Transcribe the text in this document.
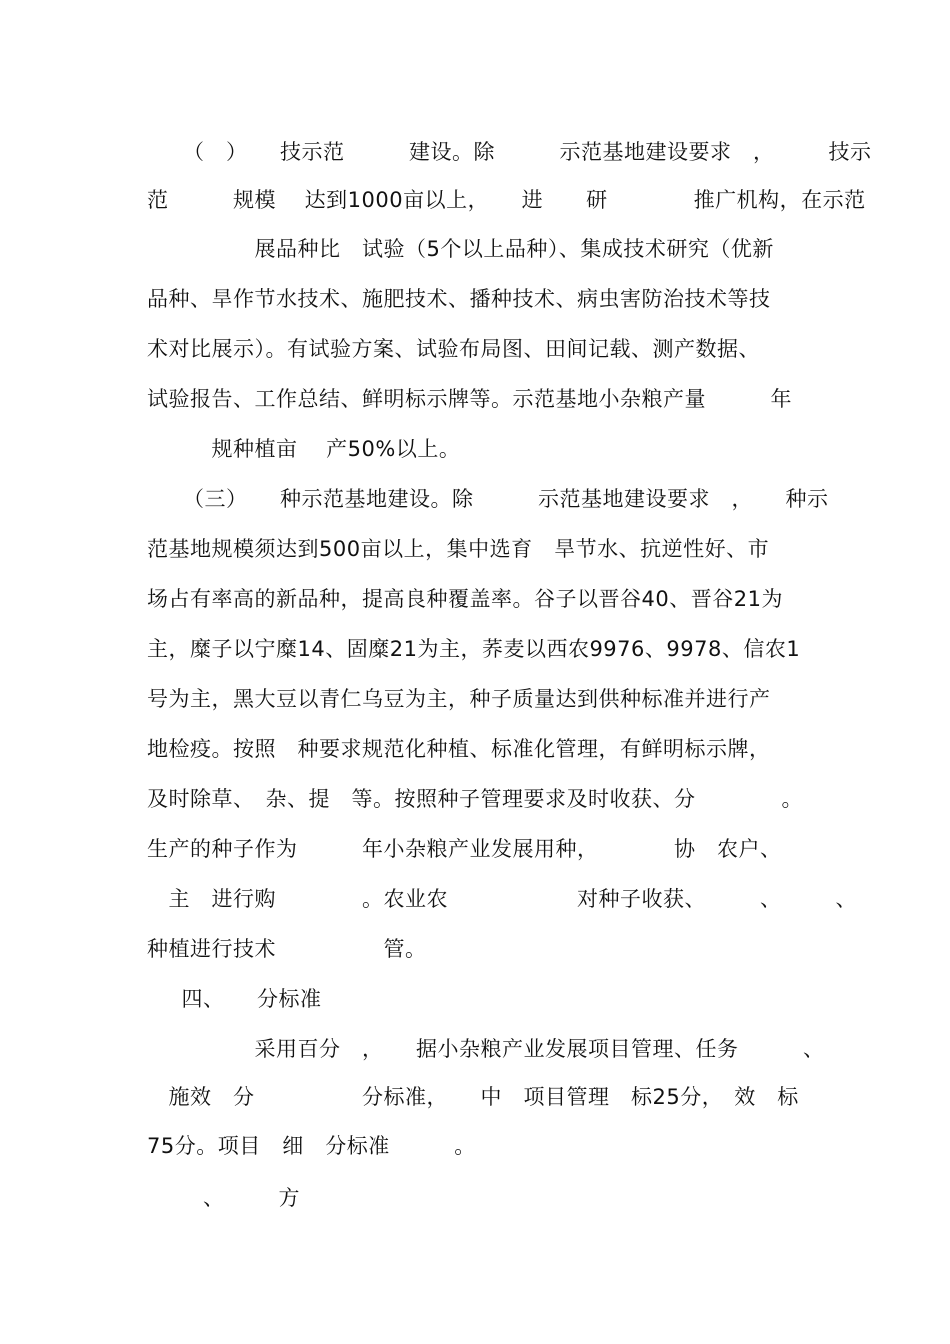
（　）　　技示范　　　建设。除　　　示范基地建设要求　，　　　技示

范　　　规模　 达到1000亩以上，　　进　　研　　　　推广机构，在示范

　　　　　展品种比　试验（5个以上品种）、集成技术研究（优新

品种、旱作节水技术、施肥技术、播种技术、病虫害防治技术等技

术对比展示）。有试验方案、试验布局图、田间记载、测产数据、

试验报告、工作总结、鲜明标示牌等。示范基地小杂粮产量　　　年

　　　规种植亩　 产50%以上。

（三）　　种示范基地建设。除　　　示范基地建设要求　，　　种示

范基地规模须达到500亩以上，集中选育　旱节水、抗逆性好、市

场占有率高的新品种，提高良种覆盖率。谷子以晋谷40、晋谷21为

主，糜子以宁糜14、固糜21为主，荞麦以西农9976、9978、信农1

号为主，黑大豆以青仁乌豆为主，种子质量达到供种标准并进行产

地检疫。按照　种要求规范化种植、标准化管理，有鲜明标示牌，

及时除草、　杂、提　等。按照种子管理要求及时收获、分　　　　。

生产的种子作为　　　年小杂粮产业发展用种，　　　　协　农户、

　主　进行购　　　　。农业农　　　　　　对种子收获、　　　、　　　、

种植进行技术　　　　　管。

　四、　　分标准

　　　　　采用百分　，　　据小杂粮产业发展项目管理、任务　　　、

　施效　分　　　　　分标准，　　中　项目管理　标25分，　效　标

75分。项目　细　分标准　　　。

　　、　　　方
